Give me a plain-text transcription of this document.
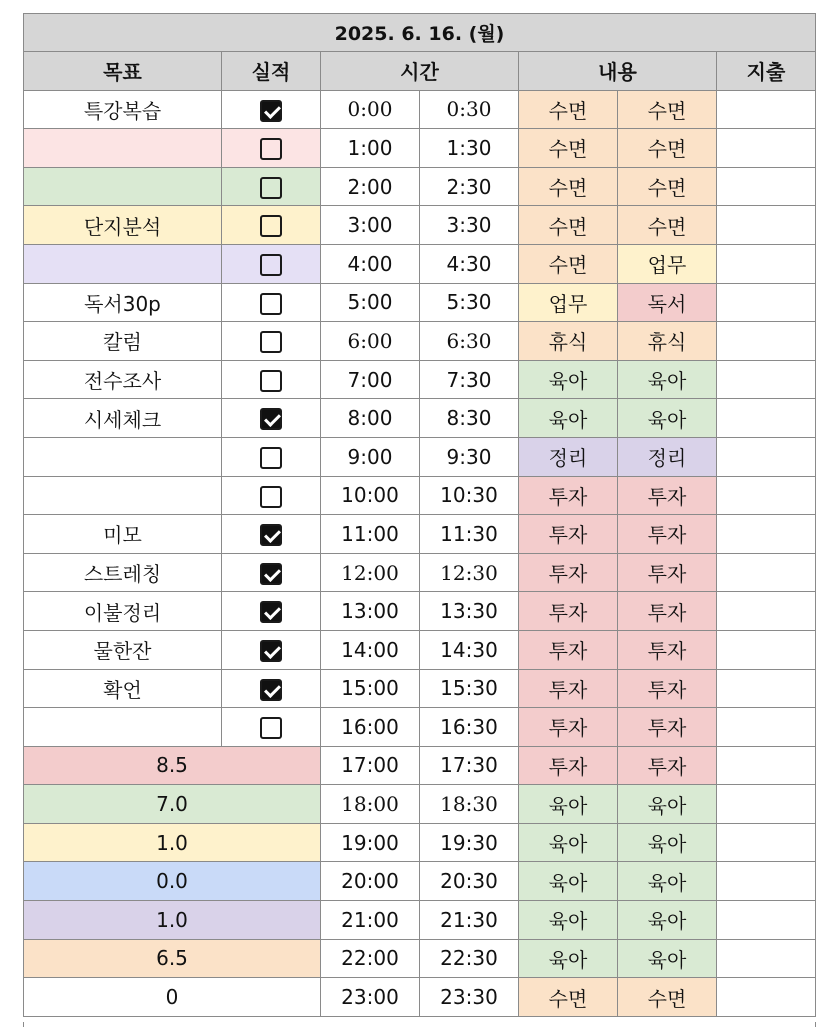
2025. 6. 16. (월)						
목표	실적	시간		내용		지출
특강복습		0:00	0:30	수면	수면	
		1:00	1:30	수면	수면	
		2:00	2:30	수면	수면	
단지분석		3:00	3:30	수면	수면	
		4:00	4:30	수면	업무	
독서30p		5:00	5:30	업무	독서	
칼럼		6:00	6:30	휴식	휴식	
전수조사		7:00	7:30	육아	육아	
시세체크		8:00	8:30	육아	육아	
		9:00	9:30	정리	정리	
		10:00	10:30	투자	투자	
미모		11:00	11:30	투자	투자	
스트레칭		12:00	12:30	투자	투자	
이불정리		13:00	13:30	투자	투자	
물한잔		14:00	14:30	투자	투자	
확언		15:00	15:30	투자	투자	
		16:00	16:30	투자	투자	
8.5		17:00	17:30	투자	투자	
7.0		18:00	18:30	육아	육아	
1.0		19:00	19:30	육아	육아	
0.0		20:00	20:30	육아	육아	
1.0		21:00	21:30	육아	육아	
6.5		22:00	22:30	육아	육아	
0		23:00	23:30	수면	수면	
